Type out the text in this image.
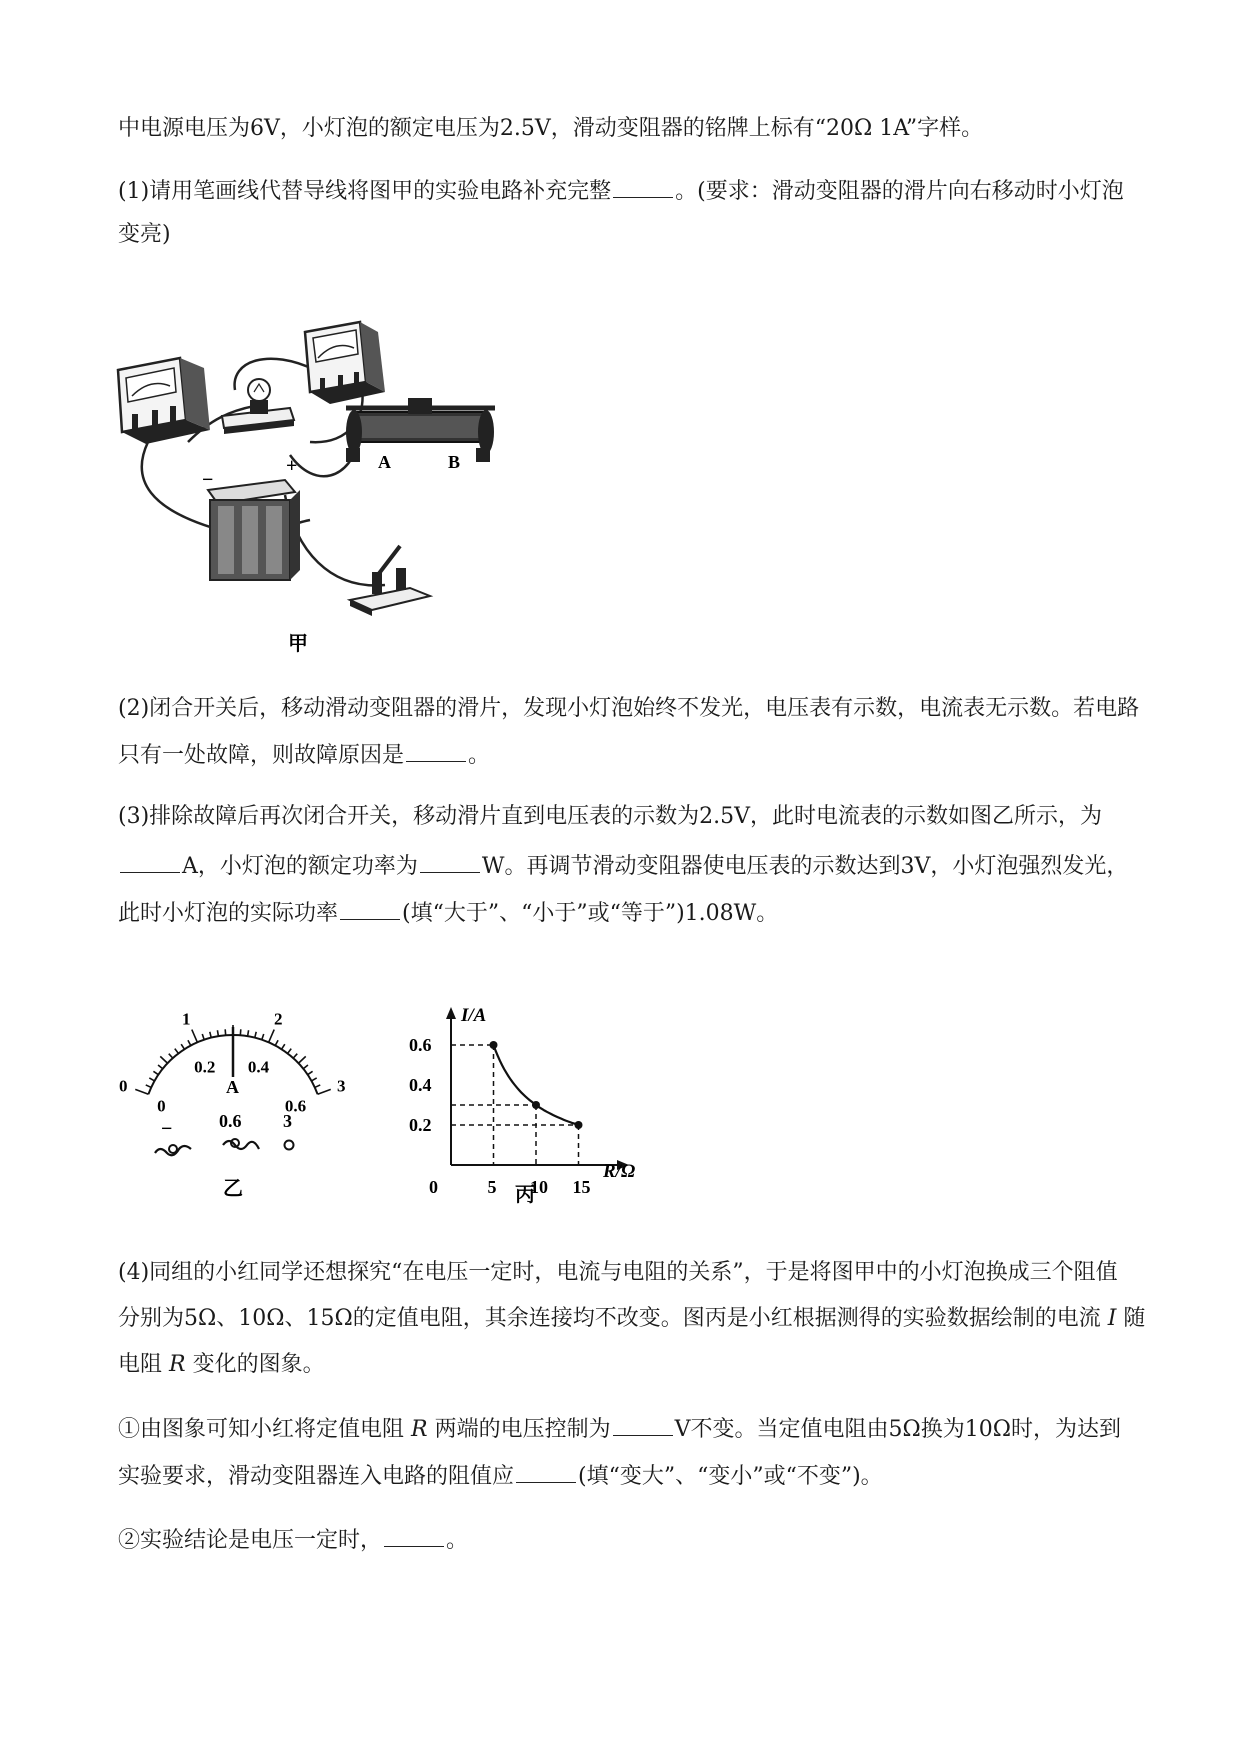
中电源电压为6V，小灯泡的额定电压为2.5V，滑动变阻器的铭牌上标有“20Ω 1A”字样。
(1)请用笔画线代替导线将图甲的实验电路补充完整	。(要求：滑动变阻器的滑片向右移动时小灯泡
变亮)
A	B
−
+
甲
(2)闭合开关后，移动滑动变阻器的滑片，发现小灯泡始终不发光，电压表有示数，电流表无示数。若电路
只有一处故障，则故障原因是	。
(3)排除故障后再次闭合开关，移动滑片直到电压表的示数为2.5V，此时电流表的示数如图乙所示，为
A，小灯泡的额定功率为	W。再调节滑动变阻器使电压表的示数达到3V，小灯泡强烈发光，
此时小灯泡的实际功率	(填“大于”、“小于”或“等于”)1.08W。
0
1	2
3
0
0.2 0.4
0.6
A
−	0.6 3
乙
I/A
R/Ω
0	5 10 15
0.2
0.4
0.6
丙
(4)同组的小红同学还想探究“在电压一定时，电流与电阻的关系”，于是将图甲中的小灯泡换成三个阻值
分别为5Ω、10Ω、15Ω的定值电阻，其余连接均不改变。图丙是小红根据测得的实验数据绘制的电流 I 随
电阻 R 变化的图象。
①由图象可知小红将定值电阻 R 两端的电压控制为	V不变。当定值电阻由5Ω换为10Ω时，为达到
实验要求，滑动变阻器连入电路的阻值应	(填“变大”、“变小”或“不变”)。
②实验结论是电压一定时，	。
